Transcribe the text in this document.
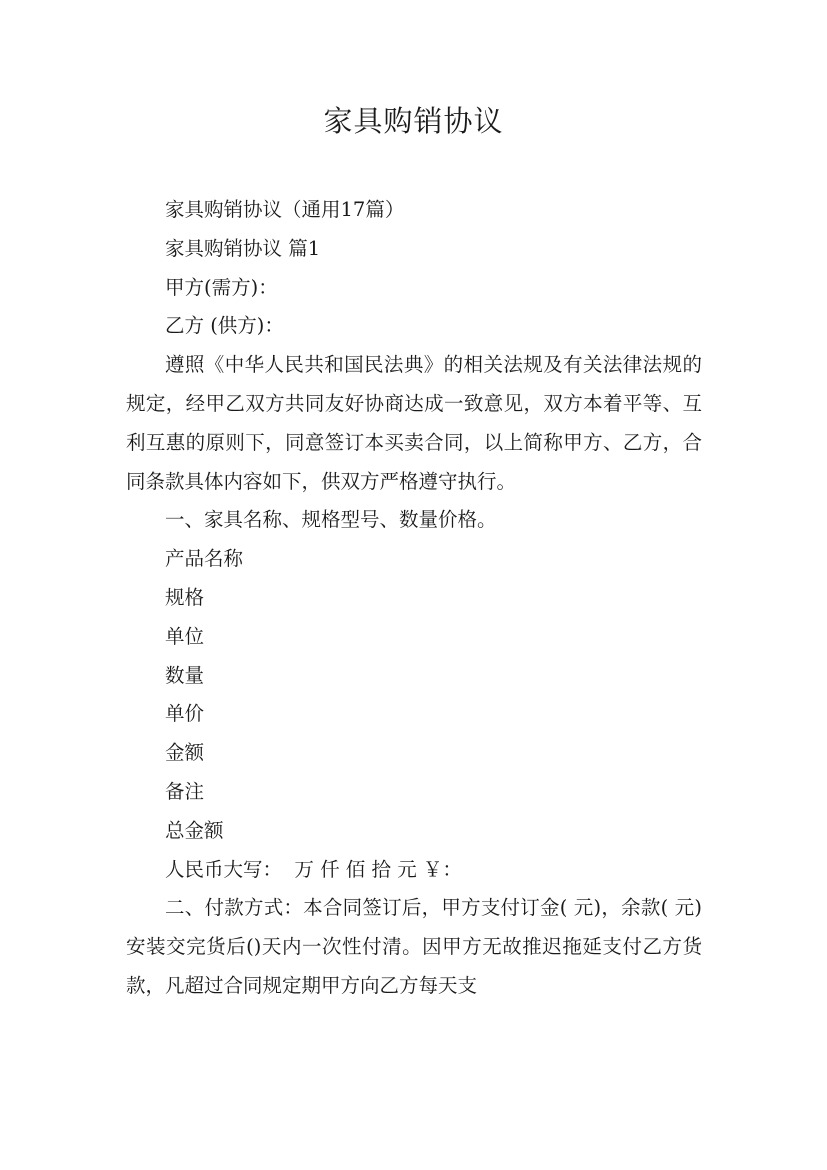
家具购销协议

家具购销协议（通用17篇）

家具购销协议 篇1

甲方(需方)：

乙方 (供方)：

遵照《中华人民共和国民法典》的相关法规及有关法律法规的规定，经甲乙双方共同友好协商达成一致意见，双方本着平等、互利互惠的原则下，同意签订本买卖合同，以上简称甲方、乙方，合同条款具体内容如下，供双方严格遵守执行。

一、家具名称、规格型号、数量价格。

产品名称

规格

单位

数量

单价

金额

备注

总金额

人民币大写：  万 仟 佰 拾 元 ￥：

二、付款方式：本合同签订后，甲方支付订金( 元)，余款( 元)安装交完货后()天内一次性付清。因甲方无故推迟拖延支付乙方货款，凡超过合同规定期甲方向乙方每天支
